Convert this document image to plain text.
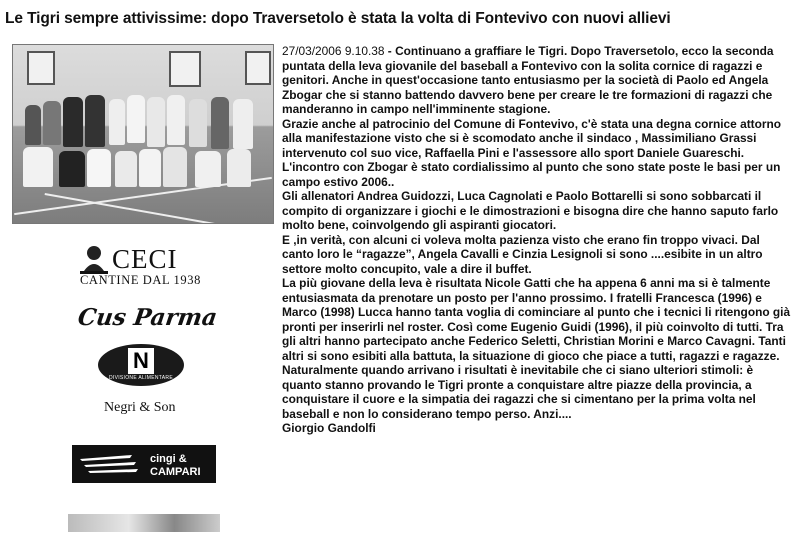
Le Tigri sempre attivissime: dopo Traversetolo è stata la volta di Fontevivo con nuovi allievi
CECI
CANTINE DAL 1938
Cus Parma
N
DIVISIONE ALIMENTARE
Negri & Son
cingi &
CAMPARI

27/03/2006 9.10.38 - Continuano a graffiare le Tigri. Dopo Traversetolo, ecco la seconda puntata della leva giovanile del baseball a Fontevivo con la solita cornice di ragazzi e genitori. Anche in quest'occasione tanto entusiasmo per la società di Paolo ed Angela Zbogar che si stanno battendo davvero bene per creare le tre formazioni di ragazzi che manderanno in campo nell'imminente stagione.

Grazie anche al patrocinio del Comune di Fontevivo, c'è stata una degna cornice attorno alla manifestazione visto che si è scomodato anche il sindaco , Massimiliano Grassi intervenuto col suo vice, Raffaella Pini e l'assessore allo sport Daniele Guareschi. L'incontro con Zbogar è stato cordialissimo al punto che sono state poste le basi per un campo estivo 2006..

Gli allenatori Andrea Guidozzi, Luca Cagnolati e Paolo Bottarelli si sono sobbarcati il compito di organizzare i giochi e le dimostrazioni e bisogna dire che hanno saputo farlo molto bene, coinvolgendo gli aspiranti giocatori.

E ,in verità, con alcuni ci voleva molta pazienza visto che erano fin troppo vivaci. Dal canto loro le “ragazze”, Angela Cavalli e Cinzia Lesignoli si sono ....esibite in un altro settore molto concupito, vale a dire il buffet.

La più giovane della leva è risultata Nicole Gatti che ha appena 6 anni ma si è talmente entusiasmata da prenotare un posto per l'anno prossimo. I fratelli Francesca (1996) e Marco (1998) Lucca hanno tanta voglia di cominciare al punto che i tecnici li ritengono già pronti per inserirli nel roster. Così come Eugenio Guidi (1996), il più coinvolto di tutti. Tra gli altri hanno partecipato anche Federico Seletti, Christian Morini e Marco Cavagni. Tanti altri si sono esibiti alla battuta, la situazione di gioco che piace a tutti, ragazzi e ragazze.

Naturalmente quando arrivano i risultati è inevitabile che ci siano ulteriori stimoli: è quanto stanno provando le Tigri pronte a conquistare altre piazze della provincia, a conquistare il cuore e la simpatia dei ragazzi che si cimentano per la prima volta nel baseball e non lo considerano tempo perso. Anzi....

Giorgio Gandolfi
